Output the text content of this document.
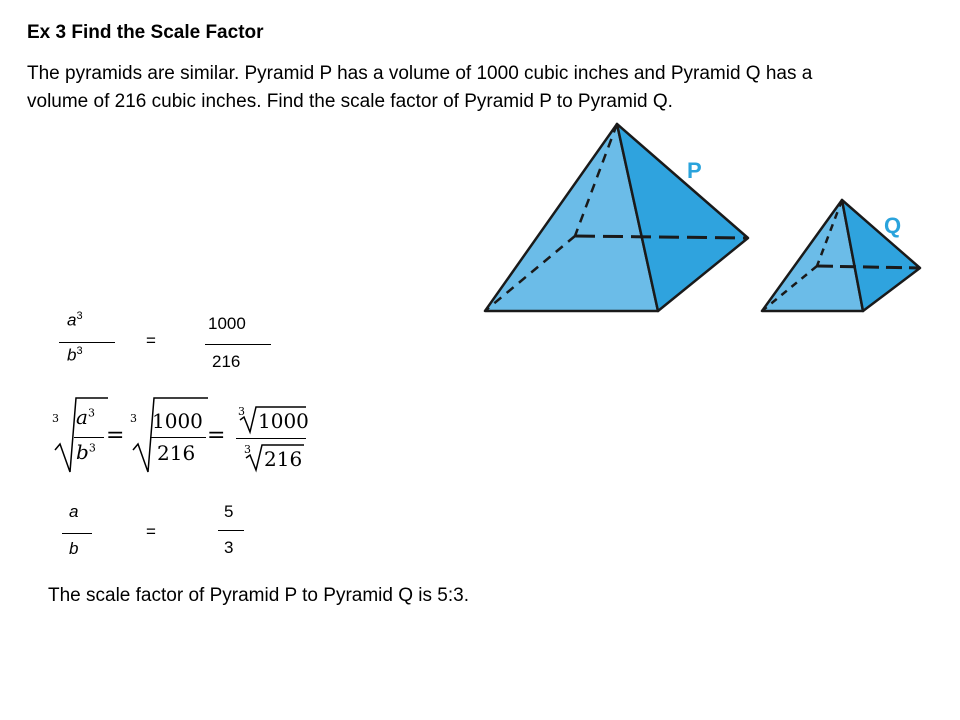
Ex 3 Find the Scale Factor
The pyramids are similar. Pyramid P has a volume of 1000 cubic inches and Pyramid Q has a volume of 216 cubic inches. Find the scale factor of Pyramid P to Pyramid Q.
P
Q
$a^3$
$b^3$
=
1000
216
3 $a^3$
$b^3$ =
3 1000
216
=
3 1000
3 216
a
b
=
5
3
The scale factor of Pyramid P to Pyramid Q is 5:3.
